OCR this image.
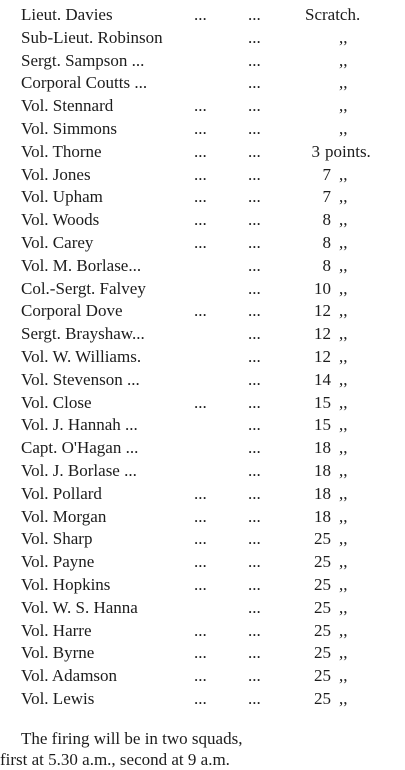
Lieut. Davies	... ...	Scratch.
Sub-Lieut. Robinson	...	,,
Sergt. Sampson ...	...	,,
Corporal Coutts ...	...	,,
Vol. Stennard	... ...	,,
Vol. Simmons	... ...	,,
Vol. Thorne	... ...	3 points.
Vol. Jones	... ...	7 ,,
Vol. Upham	... ...	7 ,,
Vol. Woods	... ...	8 ,,
Vol. Carey	... ...	8 ,,
Vol. M. Borlase...	...	8 ,,
Col.-Sergt. Falvey	...	10 ,,
Corporal Dove	... ...	12 ,,
Sergt. Brayshaw...	...	12 ,,
Vol. W. Williams.	...	12 ,,
Vol. Stevenson ...	...	14 ,,
Vol. Close	... ...	15 ,,
Vol. J. Hannah ...	...	15 ,,
Capt. O'Hagan ...	...	18 ,,
Vol. J. Borlase ...	...	18 ,,
Vol. Pollard	... ...	18 ,,
Vol. Morgan	... ...	18 ,,
Vol. Sharp	... ...	25 ,,
Vol. Payne	... ...	25 ,,
Vol. Hopkins	... ...	25 ,,
Vol. W. S. Hanna	...	25 ,,
Vol. Harre	... ...	25 ,,
Vol. Byrne	... ...	25 ,,
Vol. Adamson	... ...	25 ,,
Vol. Lewis	... ...	25 ,,

The firing will be in two squads,

first at 5.30 a.m., second at 9 a.m.
